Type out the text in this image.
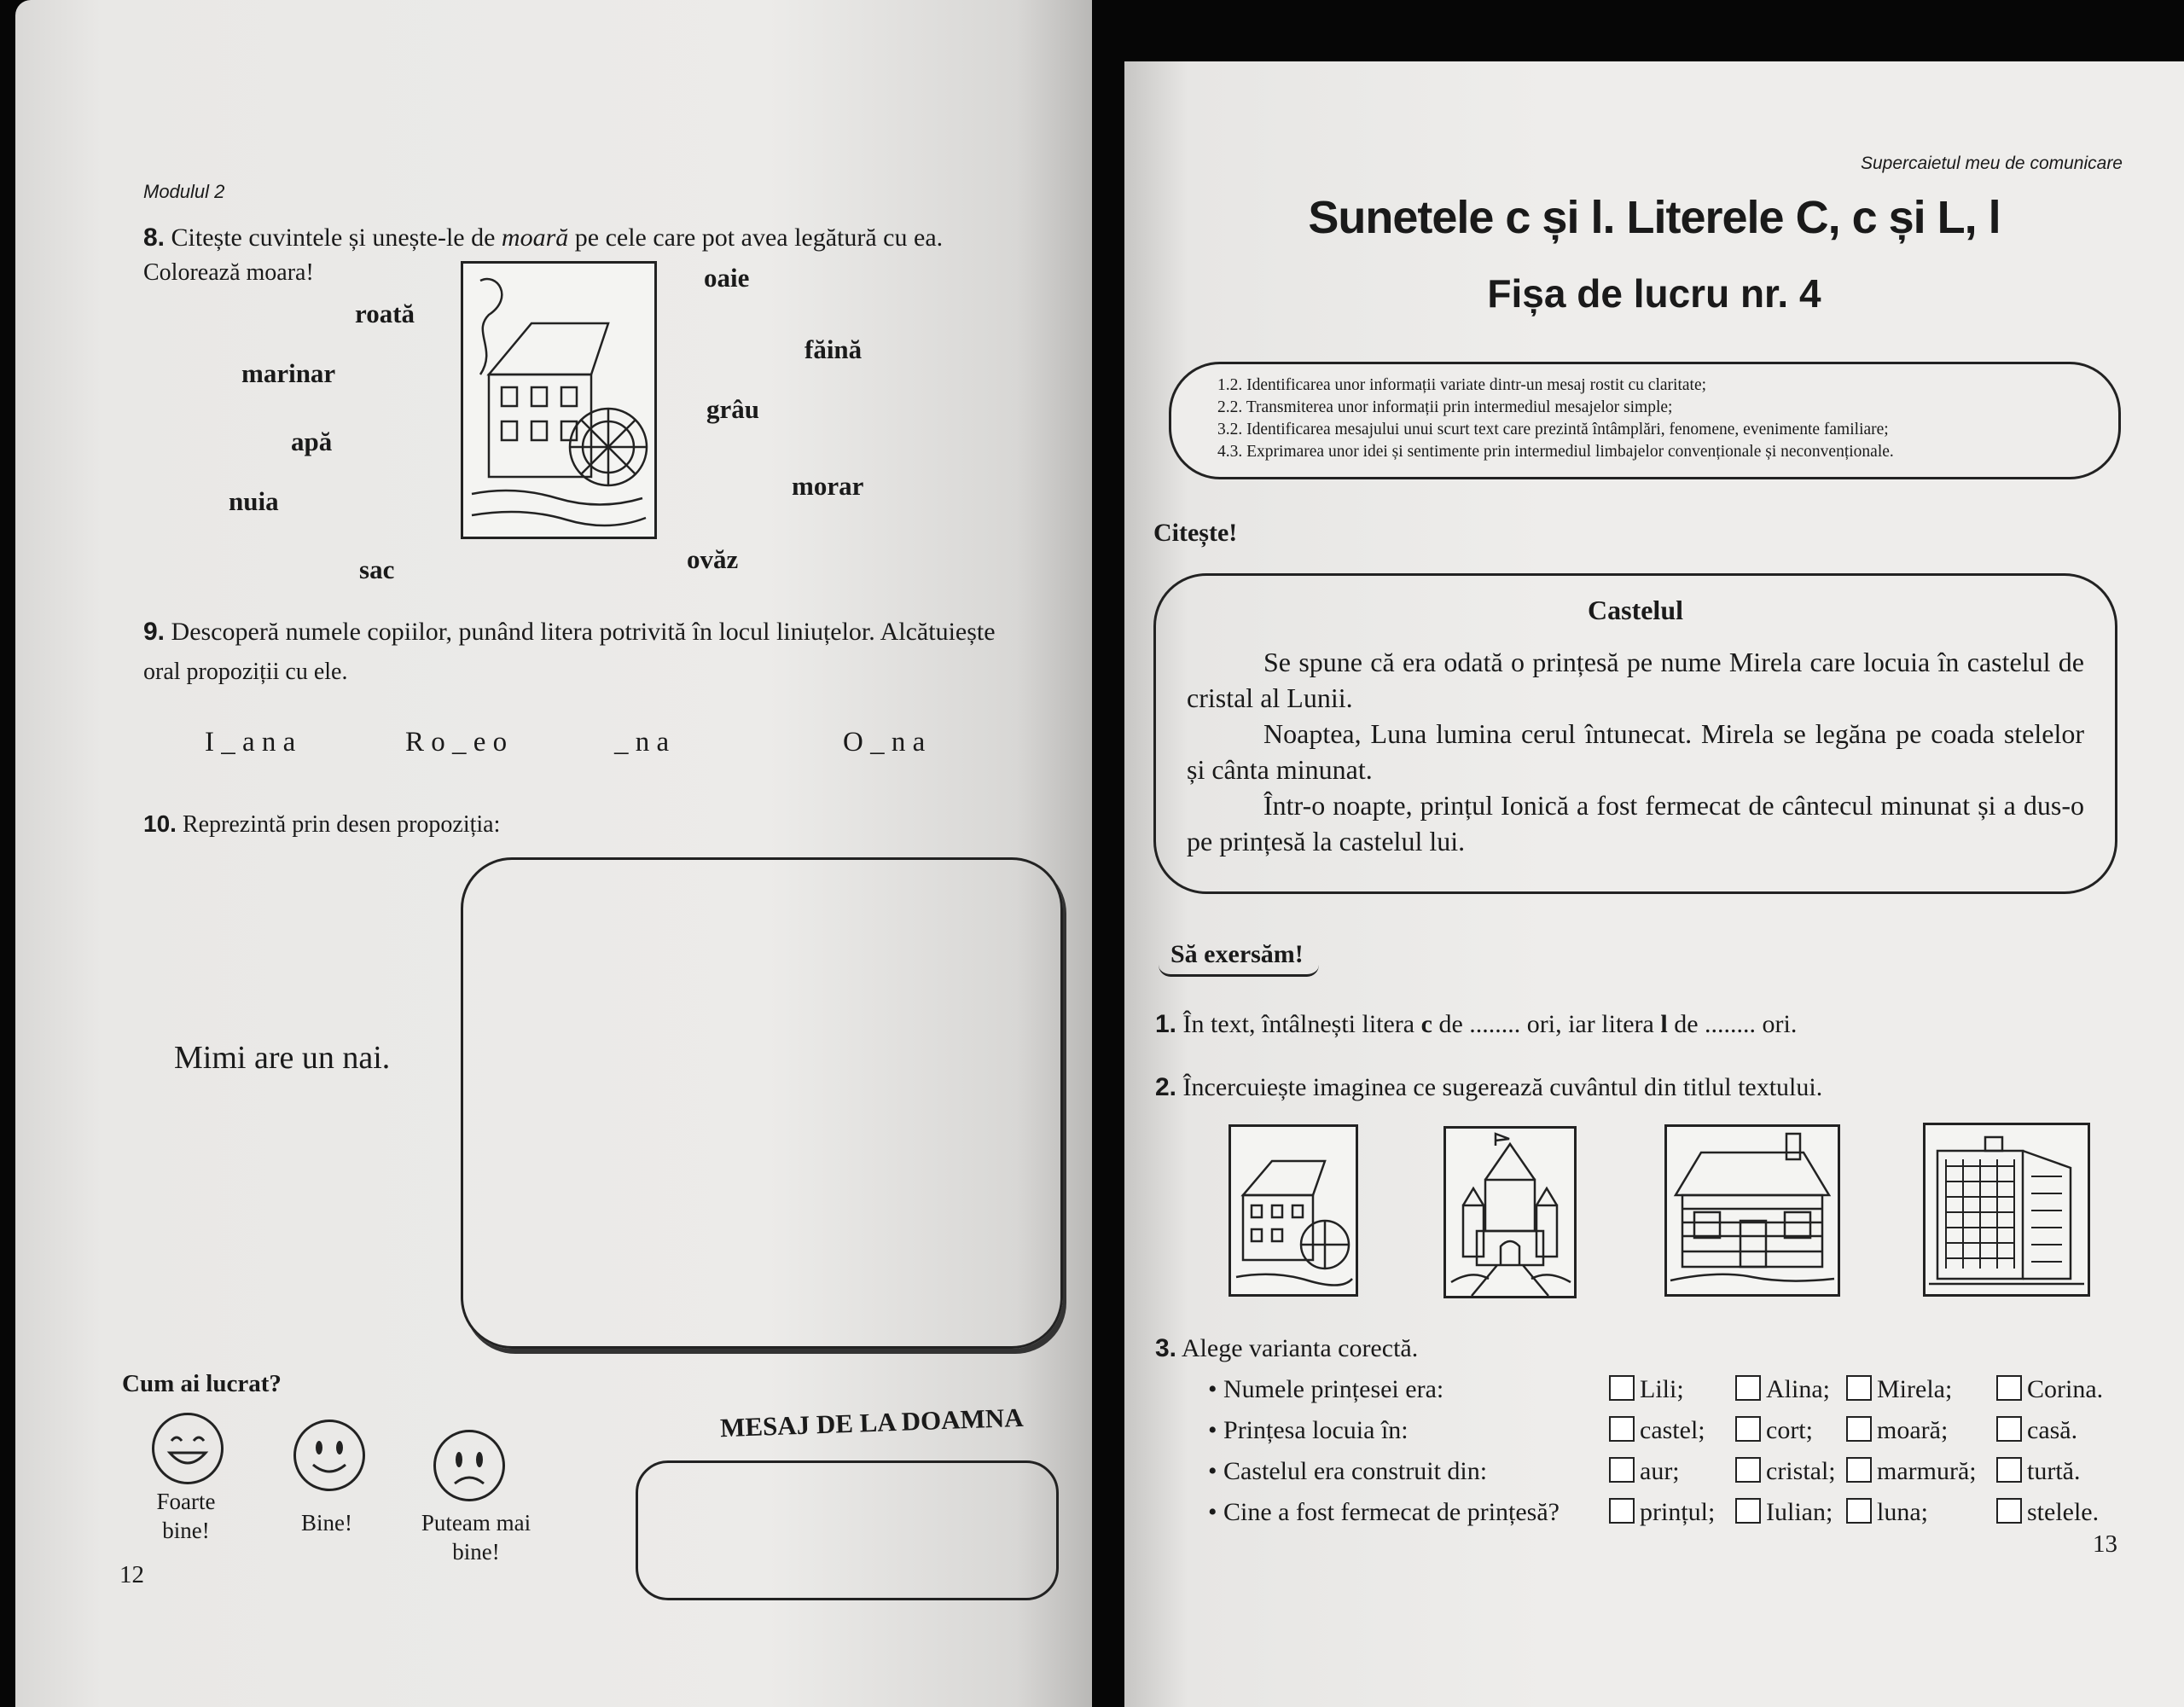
Modulul 2
8. Citește cuvintele și unește-le de moară pe cele care pot avea legătură cu ea.
Colorează moara!
roată
marinar
apă
nuia
sac
oaie
făină
grâu
morar
ovăz
9. Descoperă numele copiilor, punând litera potrivită în locul liniuțelor. Alcătuiește
oral propoziții cu ele.
I _ a n a	R o _ e o	_ n a	O _ n a
10. Reprezintă prin desen propoziția:
Mimi are un nai.
Cum ai lucrat?
Foarte bine!	Bine!	Puteam mai bine!
MESAJ DE LA DOAMNA
12
Supercaietul meu de comunicare
Sunetele c și l. Literele C, c și L, l
Fișa de lucru nr. 4
1.2. Identificarea unor informații variate dintr-un mesaj rostit cu claritate;
2.2. Transmiterea unor informații prin intermediul mesajelor simple;
3.2. Identificarea mesajului unui scurt text care prezintă întâmplări, fenomene, evenimente familiare;
4.3. Exprimarea unor idei și sentimente prin intermediul limbajelor convenționale și neconvenționale.
Citește!
Castelul

Se spune că era odată o prințesă pe nume Mirela care locuia în castelul de cristal al Lunii.

Noaptea, Luna lumina cerul întunecat. Mirela se legăna pe coada stelelor și cânta minunat.

Într-o noapte, prințul Ionică a fost fermecat de cântecul minunat și a dus-o pe prințesă la castelul lui.

Să exersăm!
1. În text, întâlnești litera c de ........ ori, iar litera l de ........ ori.
2. Încercuiește imaginea ce sugerează cuvântul din titlul textului.
3. Alege varianta corectă.
• Numele prințesei era:	Lili;	Alina;	Mirela;	Corina.
• Prințesa locuia în:	castel;	cort;	moară;	casă.
• Castelul era construit din:	aur;	cristal;	marmură;	turtă.
• Cine a fost fermecat de prințesă?	prințul;	Iulian;	luna;	stelele.
13
